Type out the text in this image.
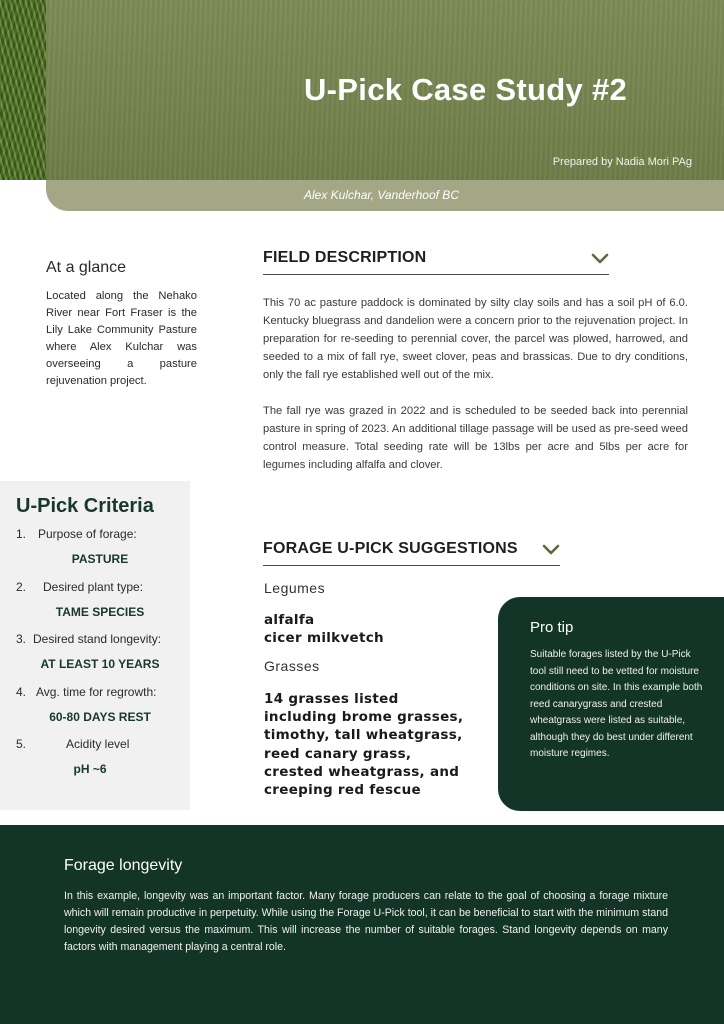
U-Pick Case Study #2
Prepared by Nadia Mori PAg
Alex Kulchar, Vanderhoof BC
At a glance
Located along the Nehako River near Fort Fraser is the Lily Lake Community Pasture where Alex Kulchar was overseeing a pasture rejuvenation project.
FIELD DESCRIPTION

This 70 ac pasture paddock is dominated by silty clay soils and has a soil pH of 6.0. Kentucky bluegrass and dandelion were a concern prior to the rejuvenation project. In preparation for re-seeding to perennial cover, the parcel was plowed, harrowed, and seeded to a mix of fall rye, sweet clover, peas and brassicas. Due to dry conditions, only the fall rye established well out of the mix.

The fall rye was grazed in 2022 and is scheduled to be seeded back into perennial pasture in spring of 2023. An additional tillage passage will be used as pre-seed weed control measure. Total seeding rate will be 13lbs per acre and 5lbs per acre for legumes including alfalfa and clover.

U-Pick Criteria
1. Purpose of forage:
PASTURE
2. Desired plant type:
TAME SPECIES
3. Desired stand longevity:
AT LEAST 10 YEARS
4. Avg. time for regrowth:
60-80 DAYS REST
5.	Acidity level
pH ~6
FORAGE U-PICK SUGGESTIONS
Legumes
alfalfa
cicer milkvetch
Grasses
14 grasses listed
including brome grasses,
timothy, tall wheatgrass,
reed canary grass,
crested wheatgrass, and
creeping red fescue
Pro tip
Suitable forages listed by the U-Pick tool still need to be vetted for moisture conditions on site. In this example both reed canarygrass and crested wheatgrass were listed as suitable, although they do best under different moisture regimes.
Forage longevity
In this example, longevity was an important factor. Many forage producers can relate to the goal of choosing a forage mixture which will remain productive in perpetuity. While using the Forage U-Pick tool, it can be beneficial to start with the minimum stand longevity desired versus the maximum. This will increase the number of suitable forages. Stand longevity depends on many factors with management playing a central role.
